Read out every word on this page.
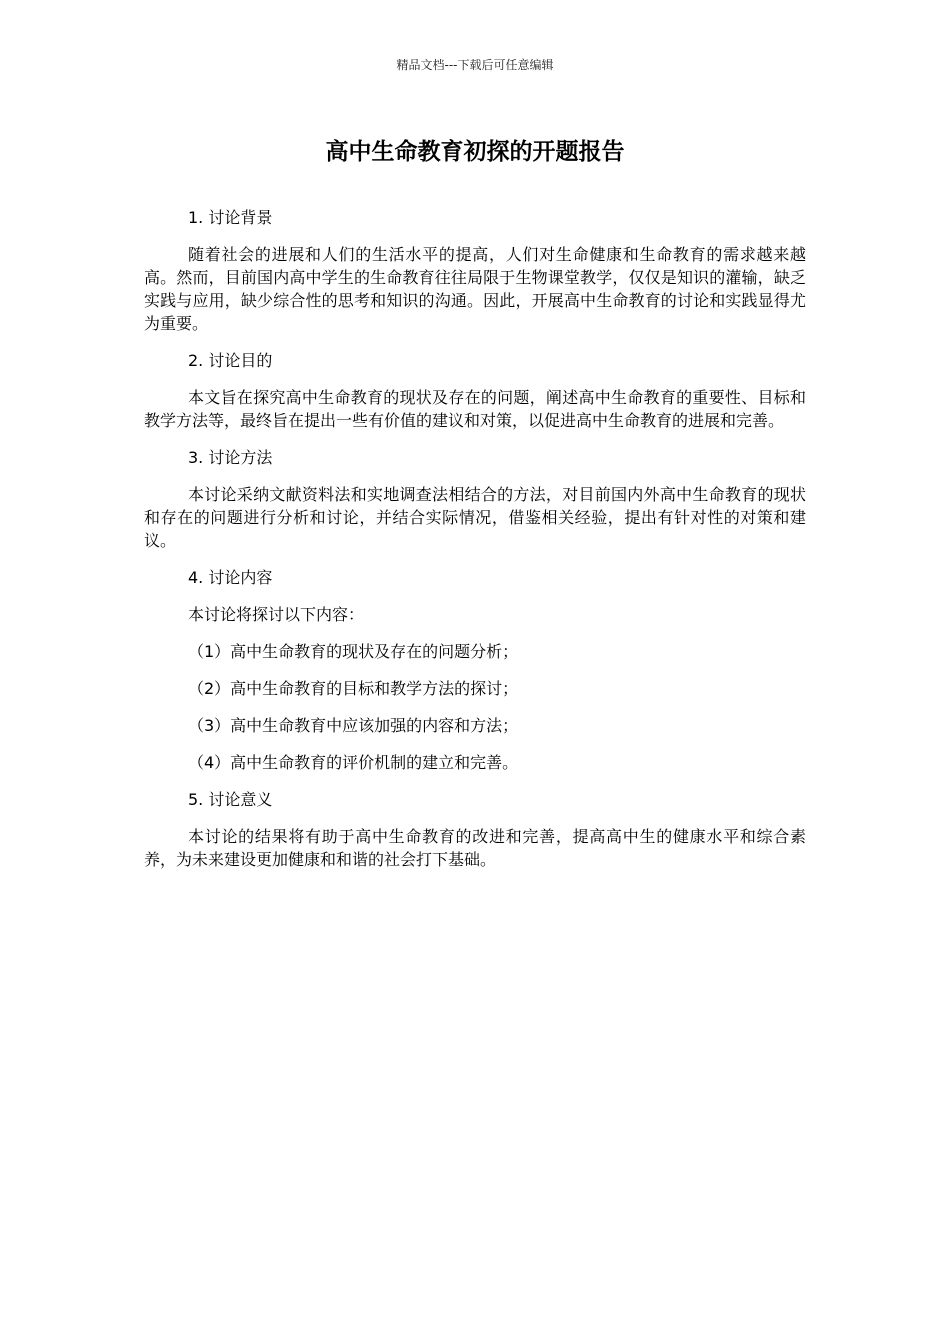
精品文档---下载后可任意编辑
高中生命教育初探的开题报告
1. 讨论背景
随着社会的进展和人们的生活水平的提高，人们对生命健康和生命教育的需求越来越高。然而，目前国内高中学生的生命教育往往局限于生物课堂教学，仅仅是知识的灌输，缺乏实践与应用，缺少综合性的思考和知识的沟通。因此，开展高中生命教育的讨论和实践显得尤为重要。
2. 讨论目的
本文旨在探究高中生命教育的现状及存在的问题，阐述高中生命教育的重要性、目标和教学方法等，最终旨在提出一些有价值的建议和对策，以促进高中生命教育的进展和完善。
3. 讨论方法
本讨论采纳文献资料法和实地调查法相结合的方法，对目前国内外高中生命教育的现状和存在的问题进行分析和讨论，并结合实际情况，借鉴相关经验，提出有针对性的对策和建议。
4. 讨论内容
本讨论将探讨以下内容：
（1）高中生命教育的现状及存在的问题分析；
（2）高中生命教育的目标和教学方法的探讨；
（3）高中生命教育中应该加强的内容和方法；
（4）高中生命教育的评价机制的建立和完善。
5. 讨论意义
本讨论的结果将有助于高中生命教育的改进和完善，提高高中生的健康水平和综合素养，为未来建设更加健康和和谐的社会打下基础。
